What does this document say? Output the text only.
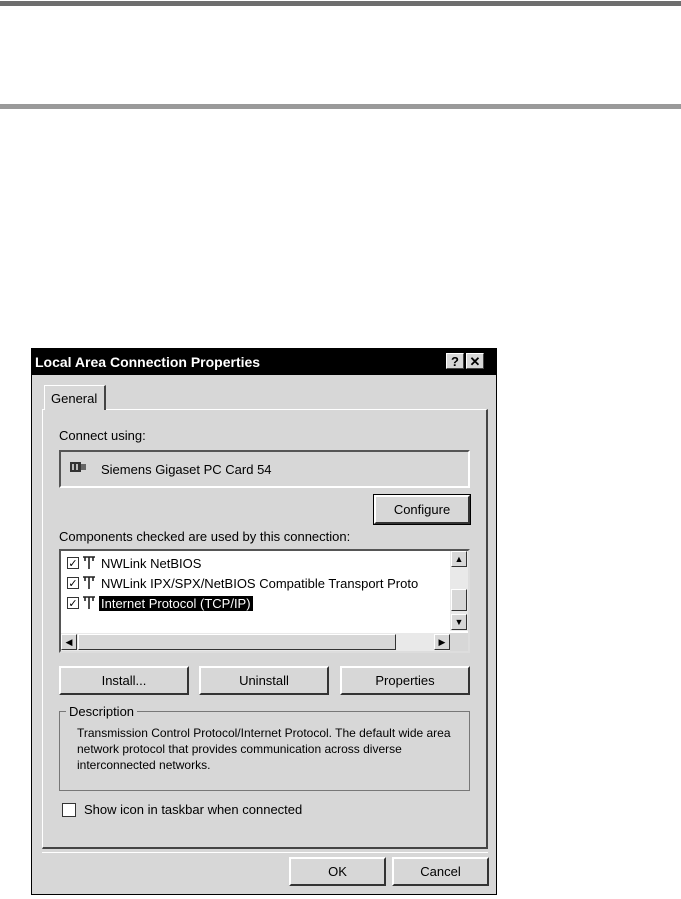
Local Area Connection Properties	? ✕
General
Connect using:
Siemens Gigaset PC Card 54
Configure
Components checked are used by this connection:
✓ NWLink NetBIOS
✓ NWLink IPX/SPX/NetBIOS Compatible Transport Proto
✓ Internet Protocol (TCP/IP)
▲
▼
◀	▶
Install...	Uninstall	Properties
Description
Transmission Control Protocol/Internet Protocol. The default wide area network protocol that provides communication across diverse interconnected networks.
Show icon in taskbar when connected
OK	Cancel
